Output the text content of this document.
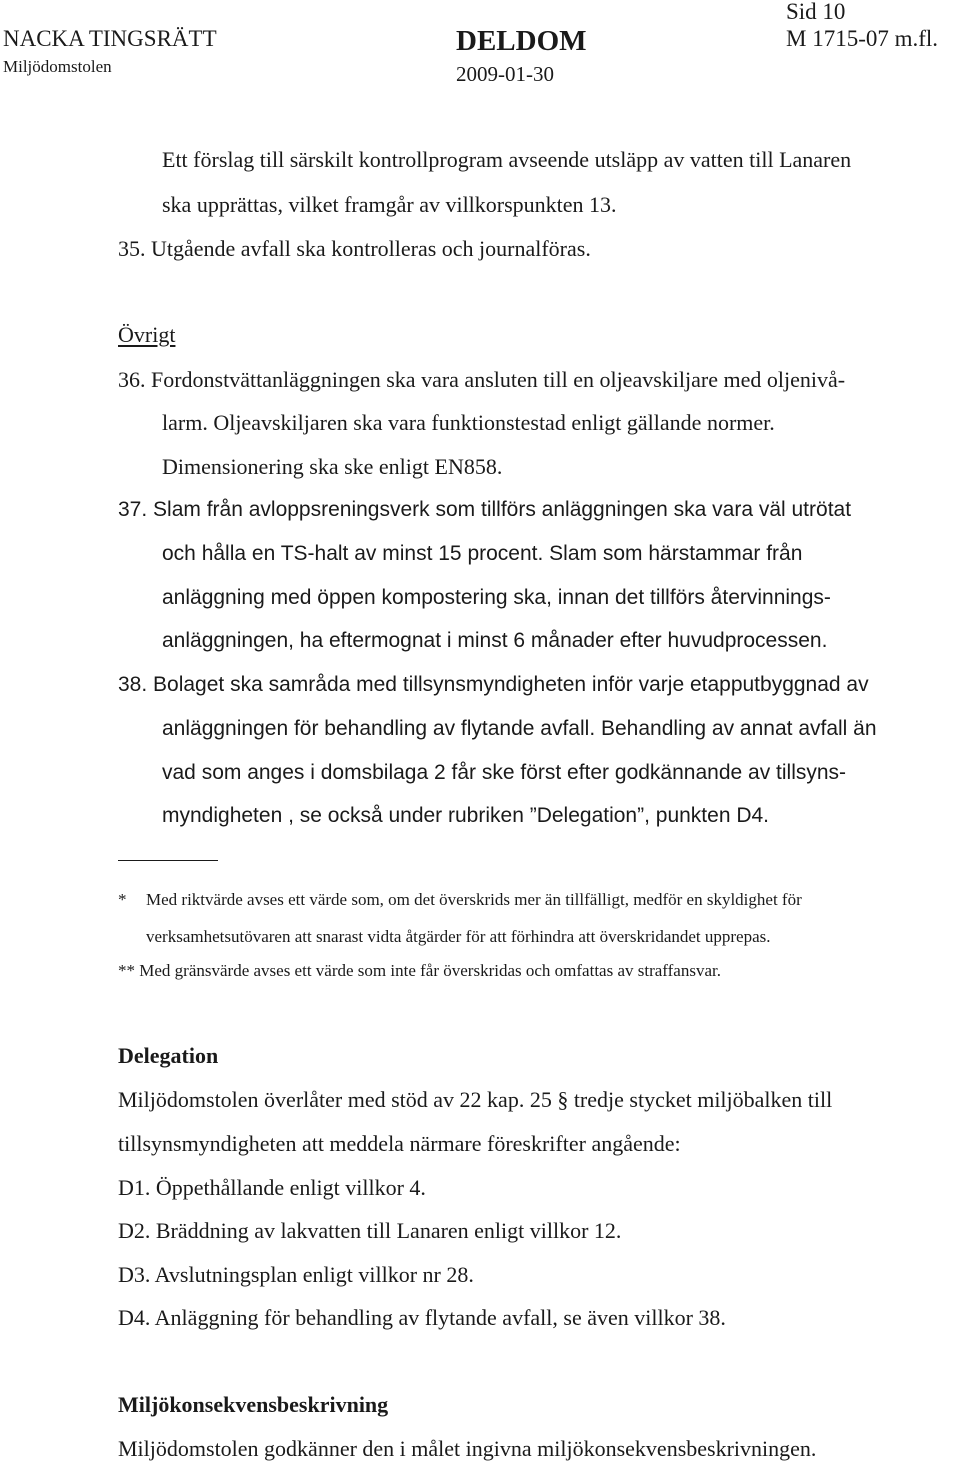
NACKA TINGSRÄTT
Miljödomstolen
DELDOM
2009-01-30
Sid 10
M 1715-07 m.fl.
Ett förslag till särskilt kontrollprogram avseende utsläpp av vatten till Lanaren
ska upprättas, vilket framgår av villkorspunkten 13.
35. Utgående avfall ska kontrolleras och journalföras.
Övrigt
36. Fordonstvättanläggningen ska vara ansluten till en oljeavskiljare med oljenivå-
larm. Oljeavskiljaren ska vara funktionstestad enligt gällande normer.
Dimensionering ska ske enligt EN858.
37. Slam från avloppsreningsverk som tillförs anläggningen ska vara väl utrötat
och hålla en TS-halt av minst 15 procent. Slam som härstammar från
anläggning med öppen kompostering ska, innan det tillförs återvinnings-
anläggningen, ha eftermognat i minst 6 månader efter huvudprocessen.
38. Bolaget ska samråda med tillsynsmyndigheten inför varje etapputbyggnad av
anläggningen för behandling av flytande avfall. Behandling av annat avfall än
vad som anges i domsbilaga 2 får ske först efter godkännande av tillsyns-
myndigheten , se också under rubriken ”Delegation”, punkten D4.
* Med riktvärde avses ett värde som, om det överskrids mer än tillfälligt, medför en skyldighet för
verksamhetsutövaren att snarast vidta åtgärder för att förhindra att överskridandet upprepas.
** Med gränsvärde avses ett värde som inte får överskridas och omfattas av straffansvar.
Delegation
Miljödomstolen överlåter med stöd av 22 kap. 25 § tredje stycket miljöbalken till
tillsynsmyndigheten att meddela närmare föreskrifter angående:
D1. Öppethållande enligt villkor 4.
D2. Bräddning av lakvatten till Lanaren enligt villkor 12.
D3. Avslutningsplan enligt villkor nr 28.
D4. Anläggning för behandling av flytande avfall, se även villkor 38.
Miljökonsekvensbeskrivning
Miljödomstolen godkänner den i målet ingivna miljökonsekvensbeskrivningen.
